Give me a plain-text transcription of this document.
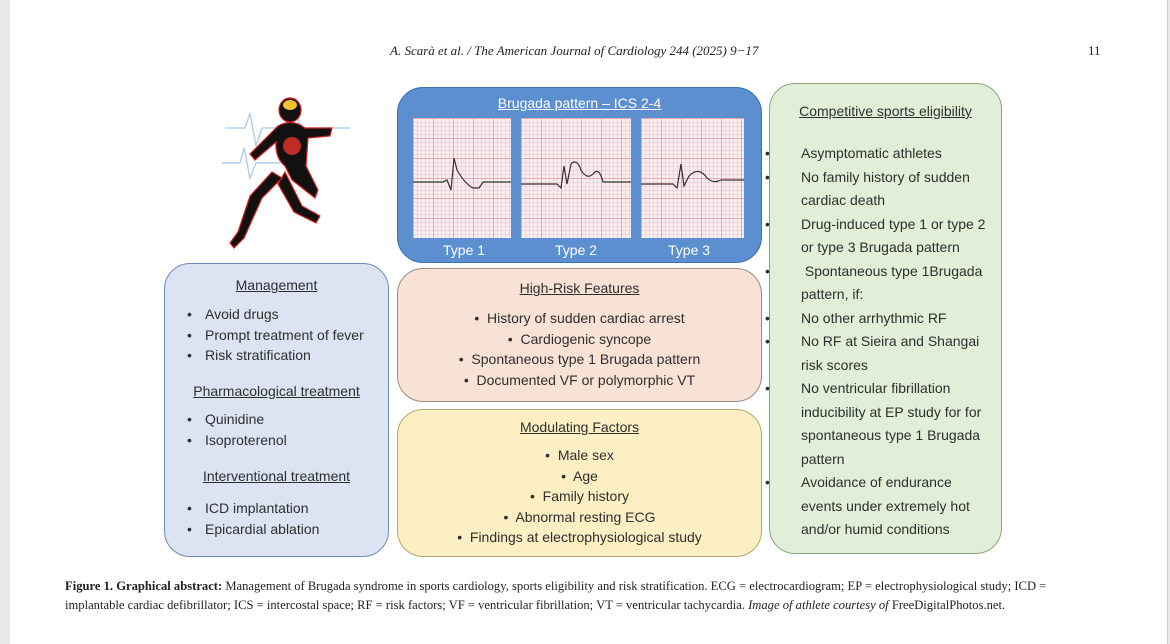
A. Scarà et al. / The American Journal of Cardiology 244 (2025) 9−17	11
Brugada pattern – ICS 2-4
Type 1	Type 2	Type 3
Management
• Avoid drugs
• Prompt treatment of fever
• Risk stratification
Pharmacological treatment
• Quinidine
• Isoproterenol
Interventional treatment
• ICD implantation
• Epicardial ablation
High-Risk Features
• History of sudden cardiac arrest
• Cardiogenic syncope
• Spontaneous type 1 Brugada pattern
• Documented VF or polymorphic VT
Modulating Factors
• Male sex
• Age
• Family history
• Abnormal resting ECG
• Findings at electrophysiological study
Competitive sports eligibility
• Asymptomatic athletes
• No family history of sudden cardiac death
• Drug-induced type 1 or type 2 or type 3 Brugada pattern
• Spontaneous type 1Brugada pattern, if:
• No other arrhythmic RF
• No RF at Sieira and Shangai risk scores
• No ventricular fibrillation inducibility at EP study for for spontaneous type 1 Brugada pattern
• Avoidance of endurance events under extremely hot and/or humid conditions
Figure 1. Graphical abstract: Management of Brugada syndrome in sports cardiology, sports eligibility and risk stratification. ECG = electrocardiogram; EP = electrophysiological study; ICD = implantable cardiac defibrillator; ICS = intercostal space; RF = risk factors; VF = ventricular fibrillation; VT = ventricular tachycardia. Image of athlete courtesy of FreeDigitalPhotos.net.
